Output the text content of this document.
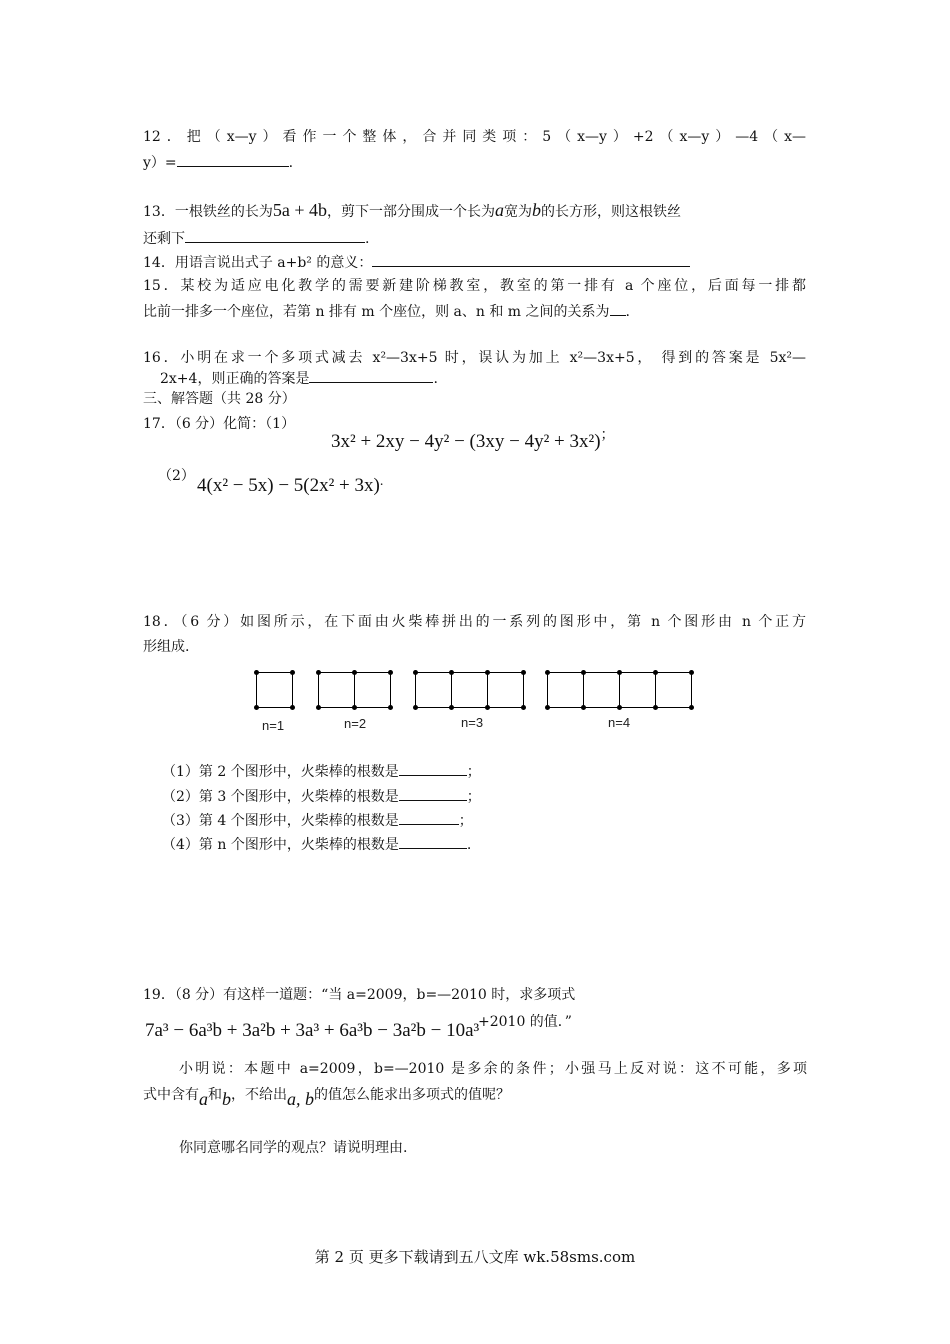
12．把（x—y）看作一个整体，合并同类项：5（x—y）+2（x—y）—4（x—
y）=	.
13．一根铁丝的长为5a + 4b，剪下一部分围成一个长为a宽为b的长方形，则这根铁丝
还剩下	.
14．用语言说出式子 a+b² 的意义：
15．某校为适应电化教学的需要新建阶梯教室，教室的第一排有 a 个座位，后面每一排都
比前一排多一个座位，若第 n 排有 m 个座位，则 a、n 和 m 之间的关系为 .
16．小明在求一个多项式减去 x²—3x+5 时，误认为加上 x²—3x+5， 得到的答案是 5x²—
2x+4，则正确的答案是	.
三、解答题（共 28 分）
17．（6 分）化简：（1）
3x² + 2xy − 4y² − (3xy − 4y² + 3x²)；
（2） 4(x² − 5x) − 5(2x² + 3x).
18．（6 分）如图所示，在下面由火柴棒拼出的一系列的图形中，第 n 个图形由 n 个正方
形组成.
n=1	n=2	n=3	n=4
（1）第 2 个图形中，火柴棒的根数是	；
（2）第 3 个图形中，火柴棒的根数是	；
（3）第 4 个图形中，火柴棒的根数是	；
（4）第 n 个图形中，火柴棒的根数是	.
19．（8 分）有这样一道题：“当 a=2009，b=—2010 时，求多项式
7a³ − 6a³b + 3a²b + 3a³ + 6a³b − 3a²b − 10a³
+2010 的值．”
小明说：本题中 a=2009，b=—2010 是多余的条件；小强马上反对说：这不可能，多项
式中含有a和b，不给出a, b的值怎么能求出多项式的值呢？
你同意哪名同学的观点？请说明理由.
第 2 页 更多下载请到五八文库 wk.58sms.com
